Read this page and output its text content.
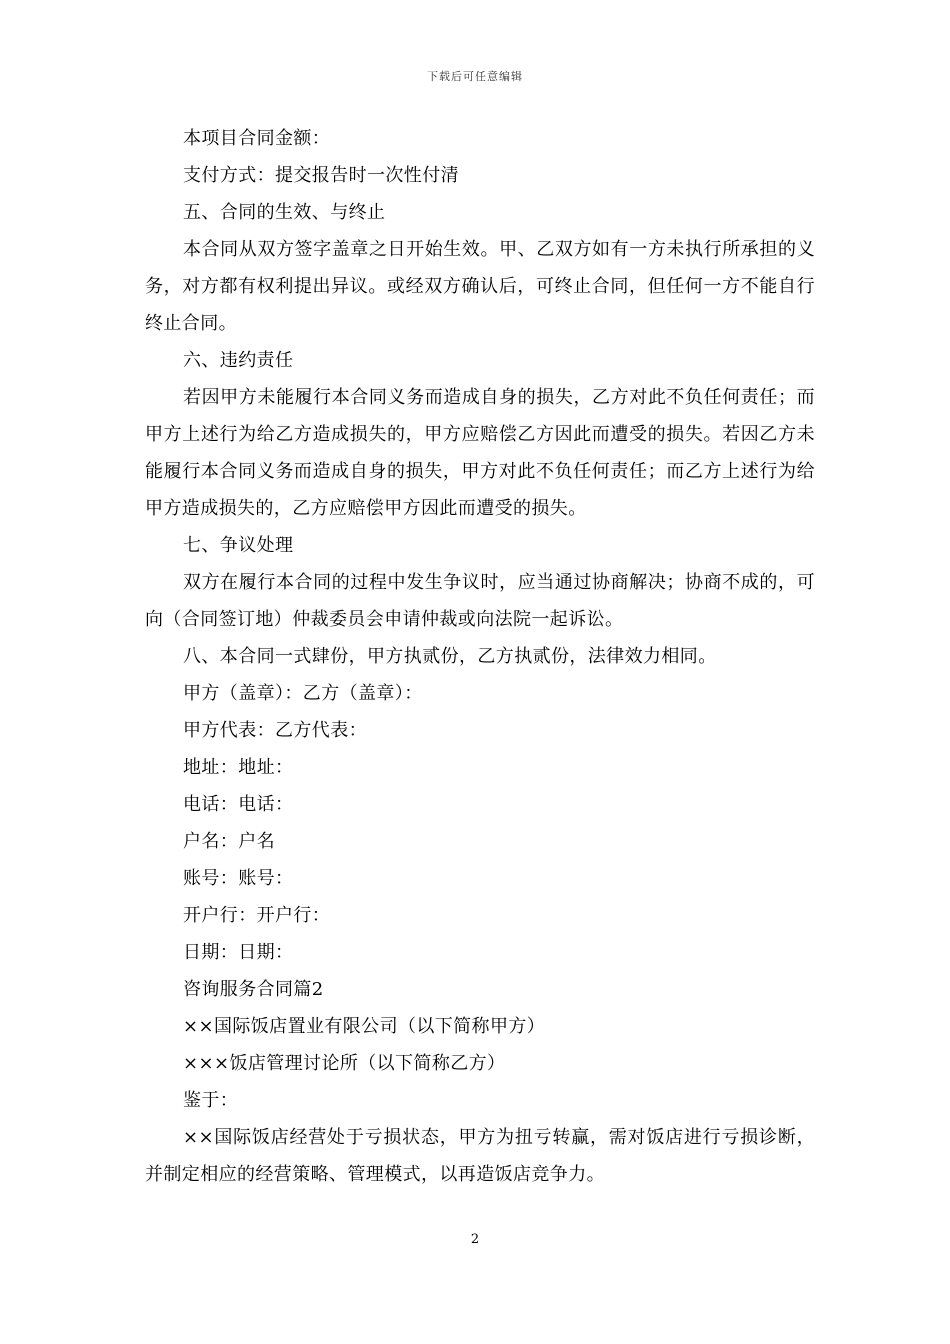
下载后可任意编辑

本项目合同金额：

支付方式：提交报告时一次性付清

五、合同的生效、与终止

本合同从双方签字盖章之日开始生效。甲、乙双方如有一方未执行所承担的义务，对方都有权利提出异议。或经双方确认后，可终止合同，但任何一方不能自行终止合同。

六、违约责任

若因甲方未能履行本合同义务而造成自身的损失，乙方对此不负任何责任；而甲方上述行为给乙方造成损失的，甲方应赔偿乙方因此而遭受的损失。若因乙方未能履行本合同义务而造成自身的损失，甲方对此不负任何责任；而乙方上述行为给甲方造成损失的，乙方应赔偿甲方因此而遭受的损失。

七、争议处理

双方在履行本合同的过程中发生争议时，应当通过协商解决；协商不成的，可向（合同签订地）仲裁委员会申请仲裁或向法院一起诉讼。

八、本合同一式肆份，甲方执贰份，乙方执贰份，法律效力相同。

甲方（盖章）：乙方（盖章）：

甲方代表：乙方代表：

地址：地址：

电话：电话：

户名：户名

账号：账号：

开户行：开户行：

日期：日期：

咨询服务合同篇2

××国际饭店置业有限公司（以下简称甲方）

×××饭店管理讨论所（以下简称乙方）

鉴于：

××国际饭店经营处于亏损状态，甲方为扭亏转赢，需对饭店进行亏损诊断，并制定相应的经营策略、管理模式，以再造饭店竞争力。

2
